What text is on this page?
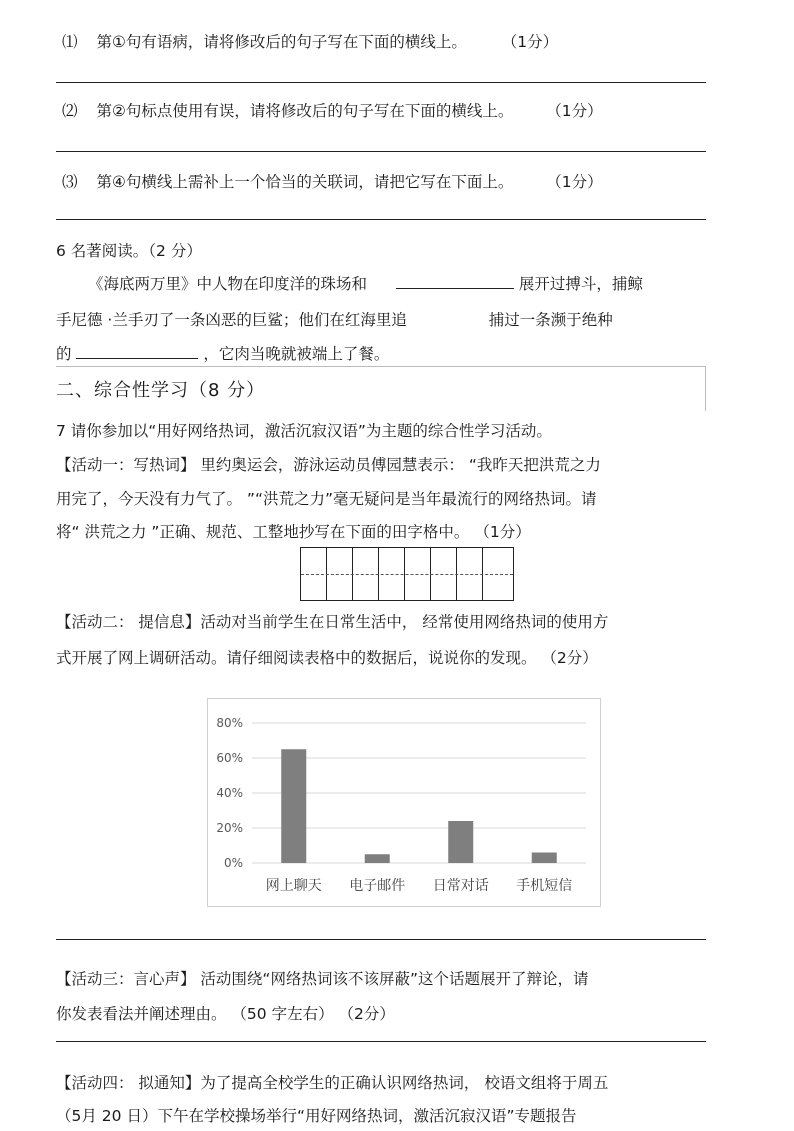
⑴ 第①句有语病，请将修改后的句子写在下面的横线上。 （1分）
⑵ 第②句标点使用有误，请将修改后的句子写在下面的横线上。 （1分）
⑶ 第④句横线上需补上一个恰当的关联词，请把它写在下面上。 （1分）
6 名著阅读。（2 分）
《海底两万里》中人物在印度洋的珠场和	展开过搏斗，捕鲸
手尼德 ·兰手刃了一条凶恶的巨鲨；他们在红海里追	捕过一条濒于绝种
的	，它肉当晚就被端上了餐。
二、综合性学习（8 分）
7 请你参加以“用好网络热词，激活沉寂汉语”为主题的综合性学习活动。
【活动一：写热词】 里约奥运会，游泳运动员傅园慧表示： “我昨天把洪荒之力
用完了，今天没有力气了。 ”“洪荒之力”毫无疑问是当年最流行的网络热词。请
将“ 洪荒之力 ”正确、规范、工整地抄写在下面的田字格中。 （1分）
【活动二： 提信息】活动对当前学生在日常生活中， 经常使用网络热词的使用方
式开展了网上调研活动。请仔细阅读表格中的数据后，说说你的发现。 （2分）
80%
60%
40%
20%
0%
网上聊天 电子邮件 日常对话 手机短信
【活动三：言心声】 活动围绕“网络热词该不该屏蔽”这个话题展开了辩论，请
你发表看法并阐述理由。 （50 字左右） （2分）
【活动四： 拟通知】为了提高全校学生的正确认识网络热词， 校语文组将于周五
（5月 20 日）下午在学校操场举行“用好网络热词，激活沉寂汉语”专题报告
